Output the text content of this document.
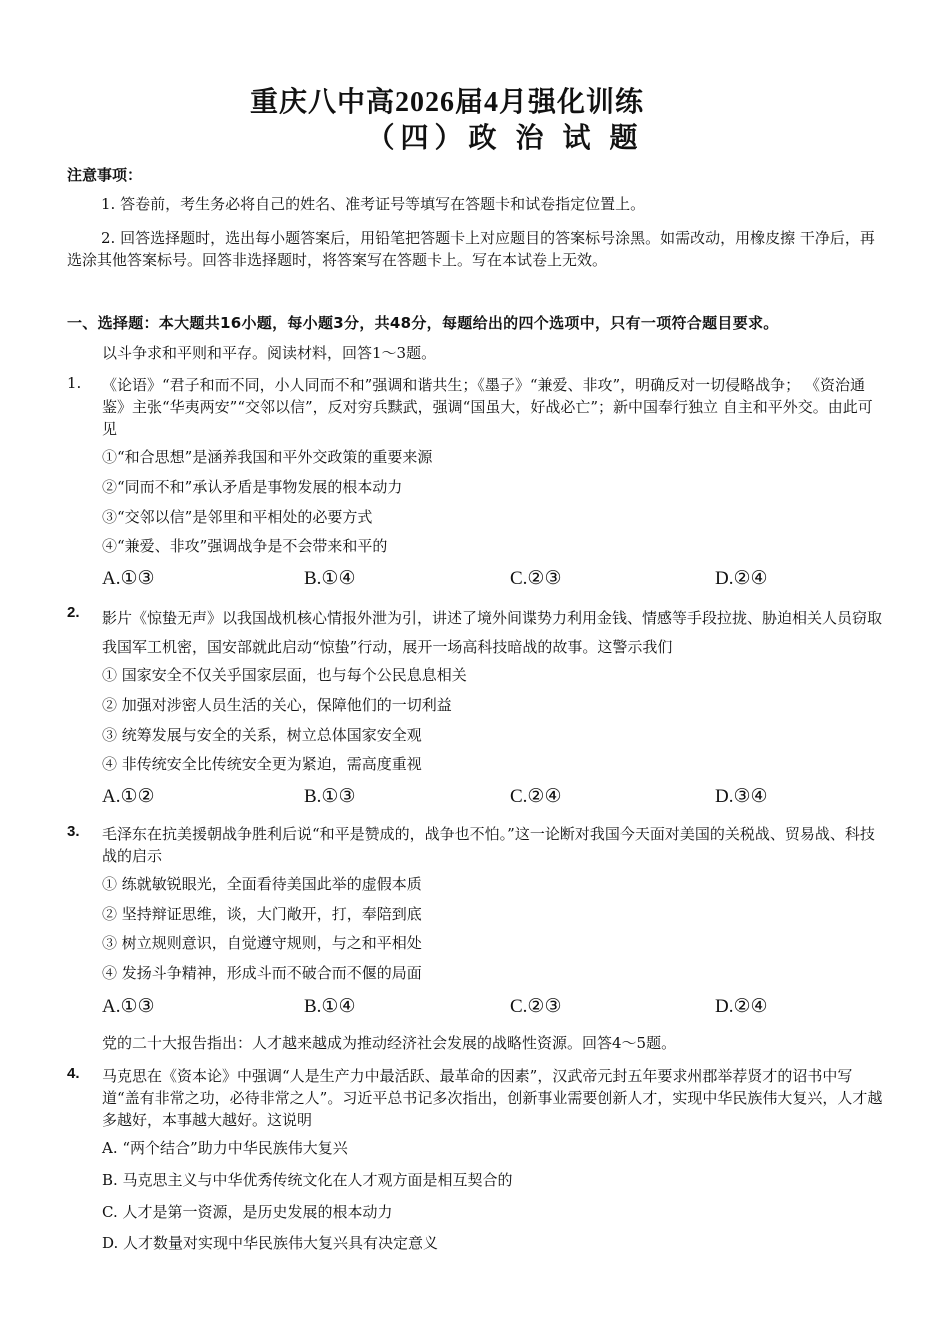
重庆八中高2026届4月强化训练
（四）政 治 试 题
注意事项：
1. 答卷前，考生务必将自己的姓名、准考证号等填写在答题卡和试卷指定位置上。
2. 回答选择题时，选出每小题答案后，用铅笔把答题卡上对应题目的答案标号涂黑。如需改动，用橡皮擦 干净后，再选涂其他答案标号。回答非选择题时，将答案写在答题卡上。写在本试卷上无效。
一、选择题：本大题共16小题，每小题3分，共48分，每题给出的四个选项中，只有一项符合题目要求。
以斗争求和平则和平存。阅读材料，回答1～3题。
1. 《论语》“君子和而不同，小人同而不和”强调和谐共生；《墨子》“兼爱、非攻”，明确反对一切侵略战争； 《资治通鉴》主张“华夷两安”“交邻以信”，反对穷兵黩武，强调“国虽大，好战必亡”；新中国奉行独立 自主和平外交。由此可见
①“和合思想”是涵养我国和平外交政策的重要来源
②“同而不和”承认矛盾是事物发展的根本动力
③“交邻以信”是邻里和平相处的必要方式
④“兼爱、非攻”强调战争是不会带来和平的
A.①③	B.①④	C.②③	D.②④
2. 影片《惊蛰无声》以我国战机核心情报外泄为引，讲述了境外间谍势力利用金钱、情感等手段拉拢、胁迫相关人员窃取我国军工机密，国安部就此启动“惊蛰”行动，展开一场高科技暗战的故事。这警示我们
① 国家安全不仅关乎国家层面，也与每个公民息息相关
② 加强对涉密人员生活的关心，保障他们的一切利益
③ 统筹发展与安全的关系，树立总体国家安全观
④ 非传统安全比传统安全更为紧迫，需高度重视
A.①②	B.①③	C.②④	D.③④
3. 毛泽东在抗美援朝战争胜利后说“和平是赞成的，战争也不怕。”这一论断对我国今天面对美国的关税战、贸易战、科技战的启示
① 练就敏锐眼光，全面看待美国此举的虚假本质
② 坚持辩证思维，谈，大门敞开，打，奉陪到底
③ 树立规则意识，自觉遵守规则，与之和平相处
④ 发扬斗争精神，形成斗而不破合而不偃的局面
A.①③	B.①④	C.②③	D.②④
党的二十大报告指出：人才越来越成为推动经济社会发展的战略性资源。回答4～5题。
4. 马克思在《资本论》中强调“人是生产力中最活跃、最革命的因素”，汉武帝元封五年要求州郡举荐贤才的诏书中写道“盖有非常之功，必待非常之人”。习近平总书记多次指出，创新事业需要创新人才，实现中华民族伟大复兴，人才越多越好，本事越大越好。这说明
A. “两个结合”助力中华民族伟大复兴
B. 马克思主义与中华优秀传统文化在人才观方面是相互契合的
C. 人才是第一资源，是历史发展的根本动力
D. 人才数量对实现中华民族伟大复兴具有决定意义
